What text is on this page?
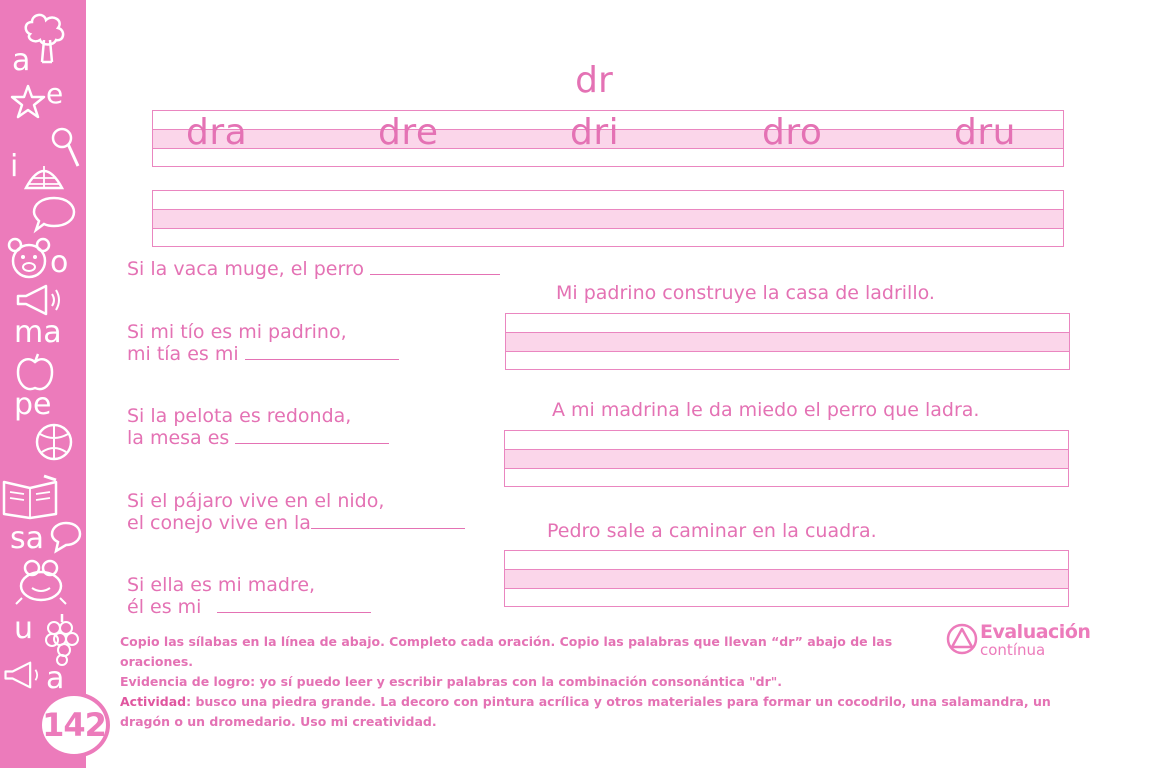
a
e
i
o
ma
pe
sa
u
a
142
dr
dra	dre	dri	dro	dru
Si la vaca muge, el perro
Si mi tío es mi padrino,
mi tía es mi
Si la pelota es redonda,
la mesa es
Si el pájaro vive en el nido,
el conejo vive en la
Si ella es mi madre,
él es mi
Mi padrino construye la casa de ladrillo.
A mi madrina le da miedo el perro que ladra.
Pedro sale a caminar en la cuadra.
Copio las sílabas en la línea de abajo. Completo cada oración. Copio las palabras que llevan “dr” abajo de las oraciones.
Evidencia de logro: yo sí puedo leer y escribir palabras con la combinación consonántica "dr".
Actividad: busco una piedra grande. La decoro con pintura acrílica y otros materiales para formar un cocodrilo, una salamandra, un dragón o un dromedario. Uso mi creatividad.
Evaluación
contínua
